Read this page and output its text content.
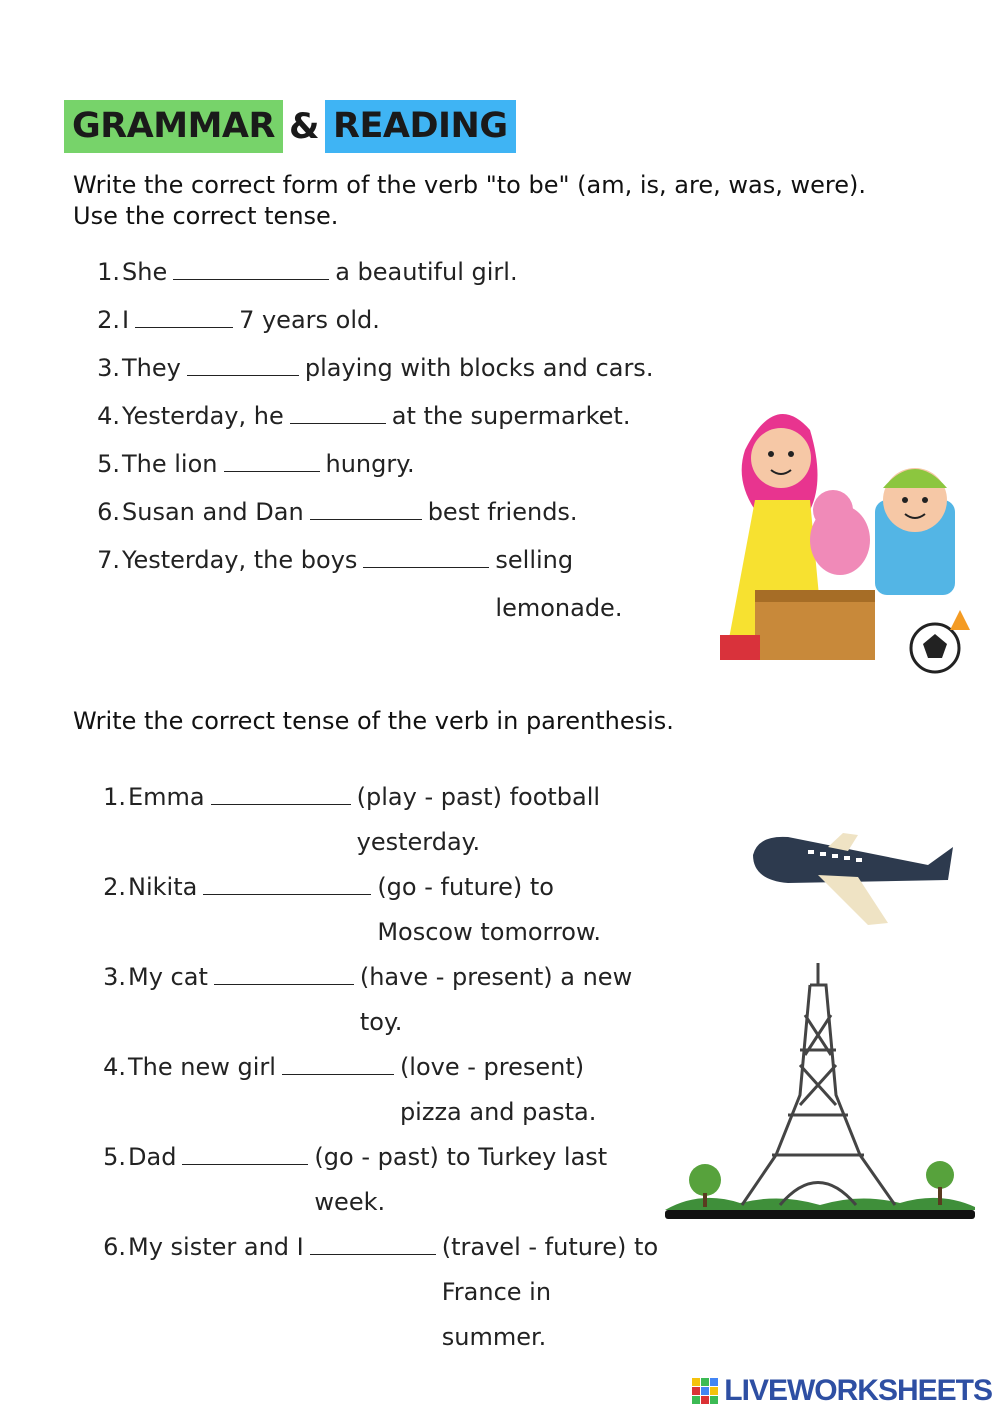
GRAMMAR & READING

Write the correct form of the verb "to be" (am, is, are, was, were). Use the correct tense.

1. She	a beautiful girl.
2. I	7 years old.
3. They	playing with blocks and cars.
4. Yesterday, he	at the supermarket.
5. The lion	hungry.
6. Susan and Dan	best friends.
7. Yesterday, the boys	selling lemonade.

Write the correct tense of the verb in parenthesis.

1. Emma	(play - past) football yesterday.
2. Nikita	(go - future) to Moscow tomorrow.
3. My cat	(have - present) a new toy.
4. The new girl	(love - present) pizza and pasta.
5. Dad	(go - past) to Turkey last week.
6. My sister and I	(travel - future) to France in summer.
LIVEWORKSHEETS
